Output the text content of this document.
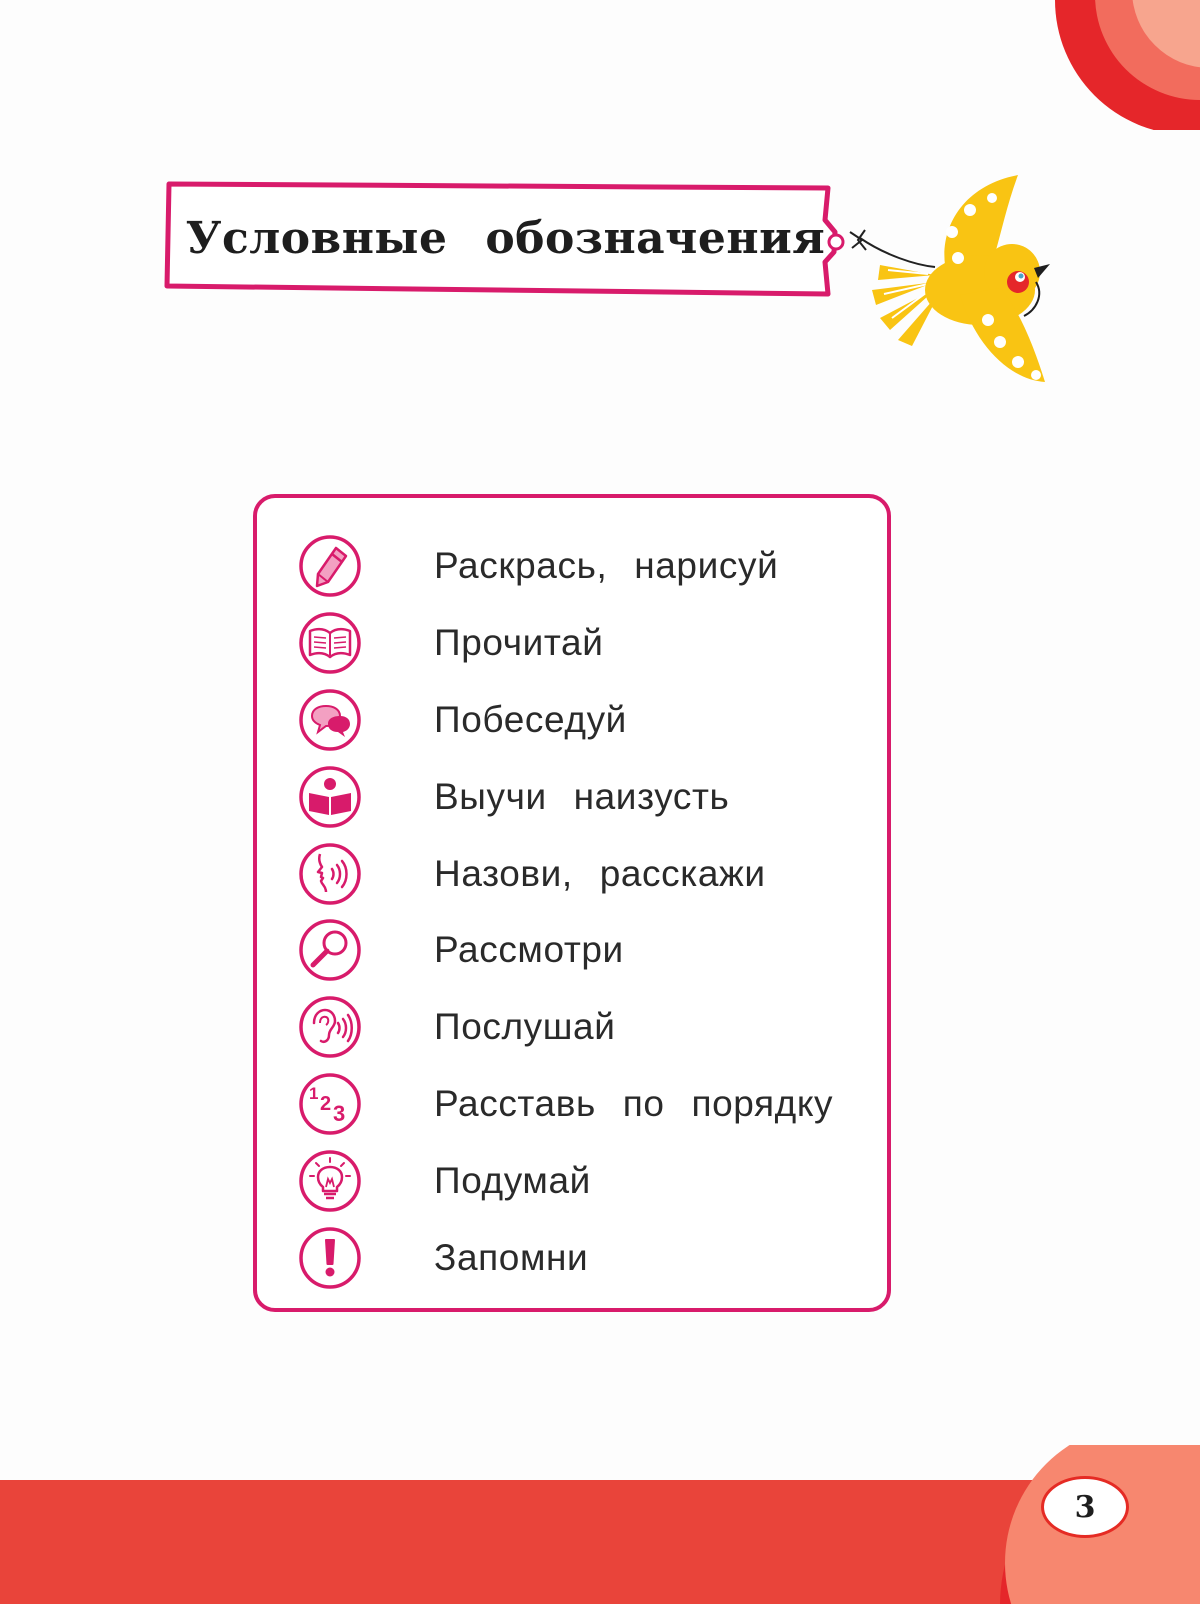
Условные обозначения
Раскрась, нарисуй
Прочитай
Побеседуй
Выучи наизусть
Назови, расскажи
Рассмотри
Послушай
1 2 3 Расставь по порядку
Подумай
Запомни
3
